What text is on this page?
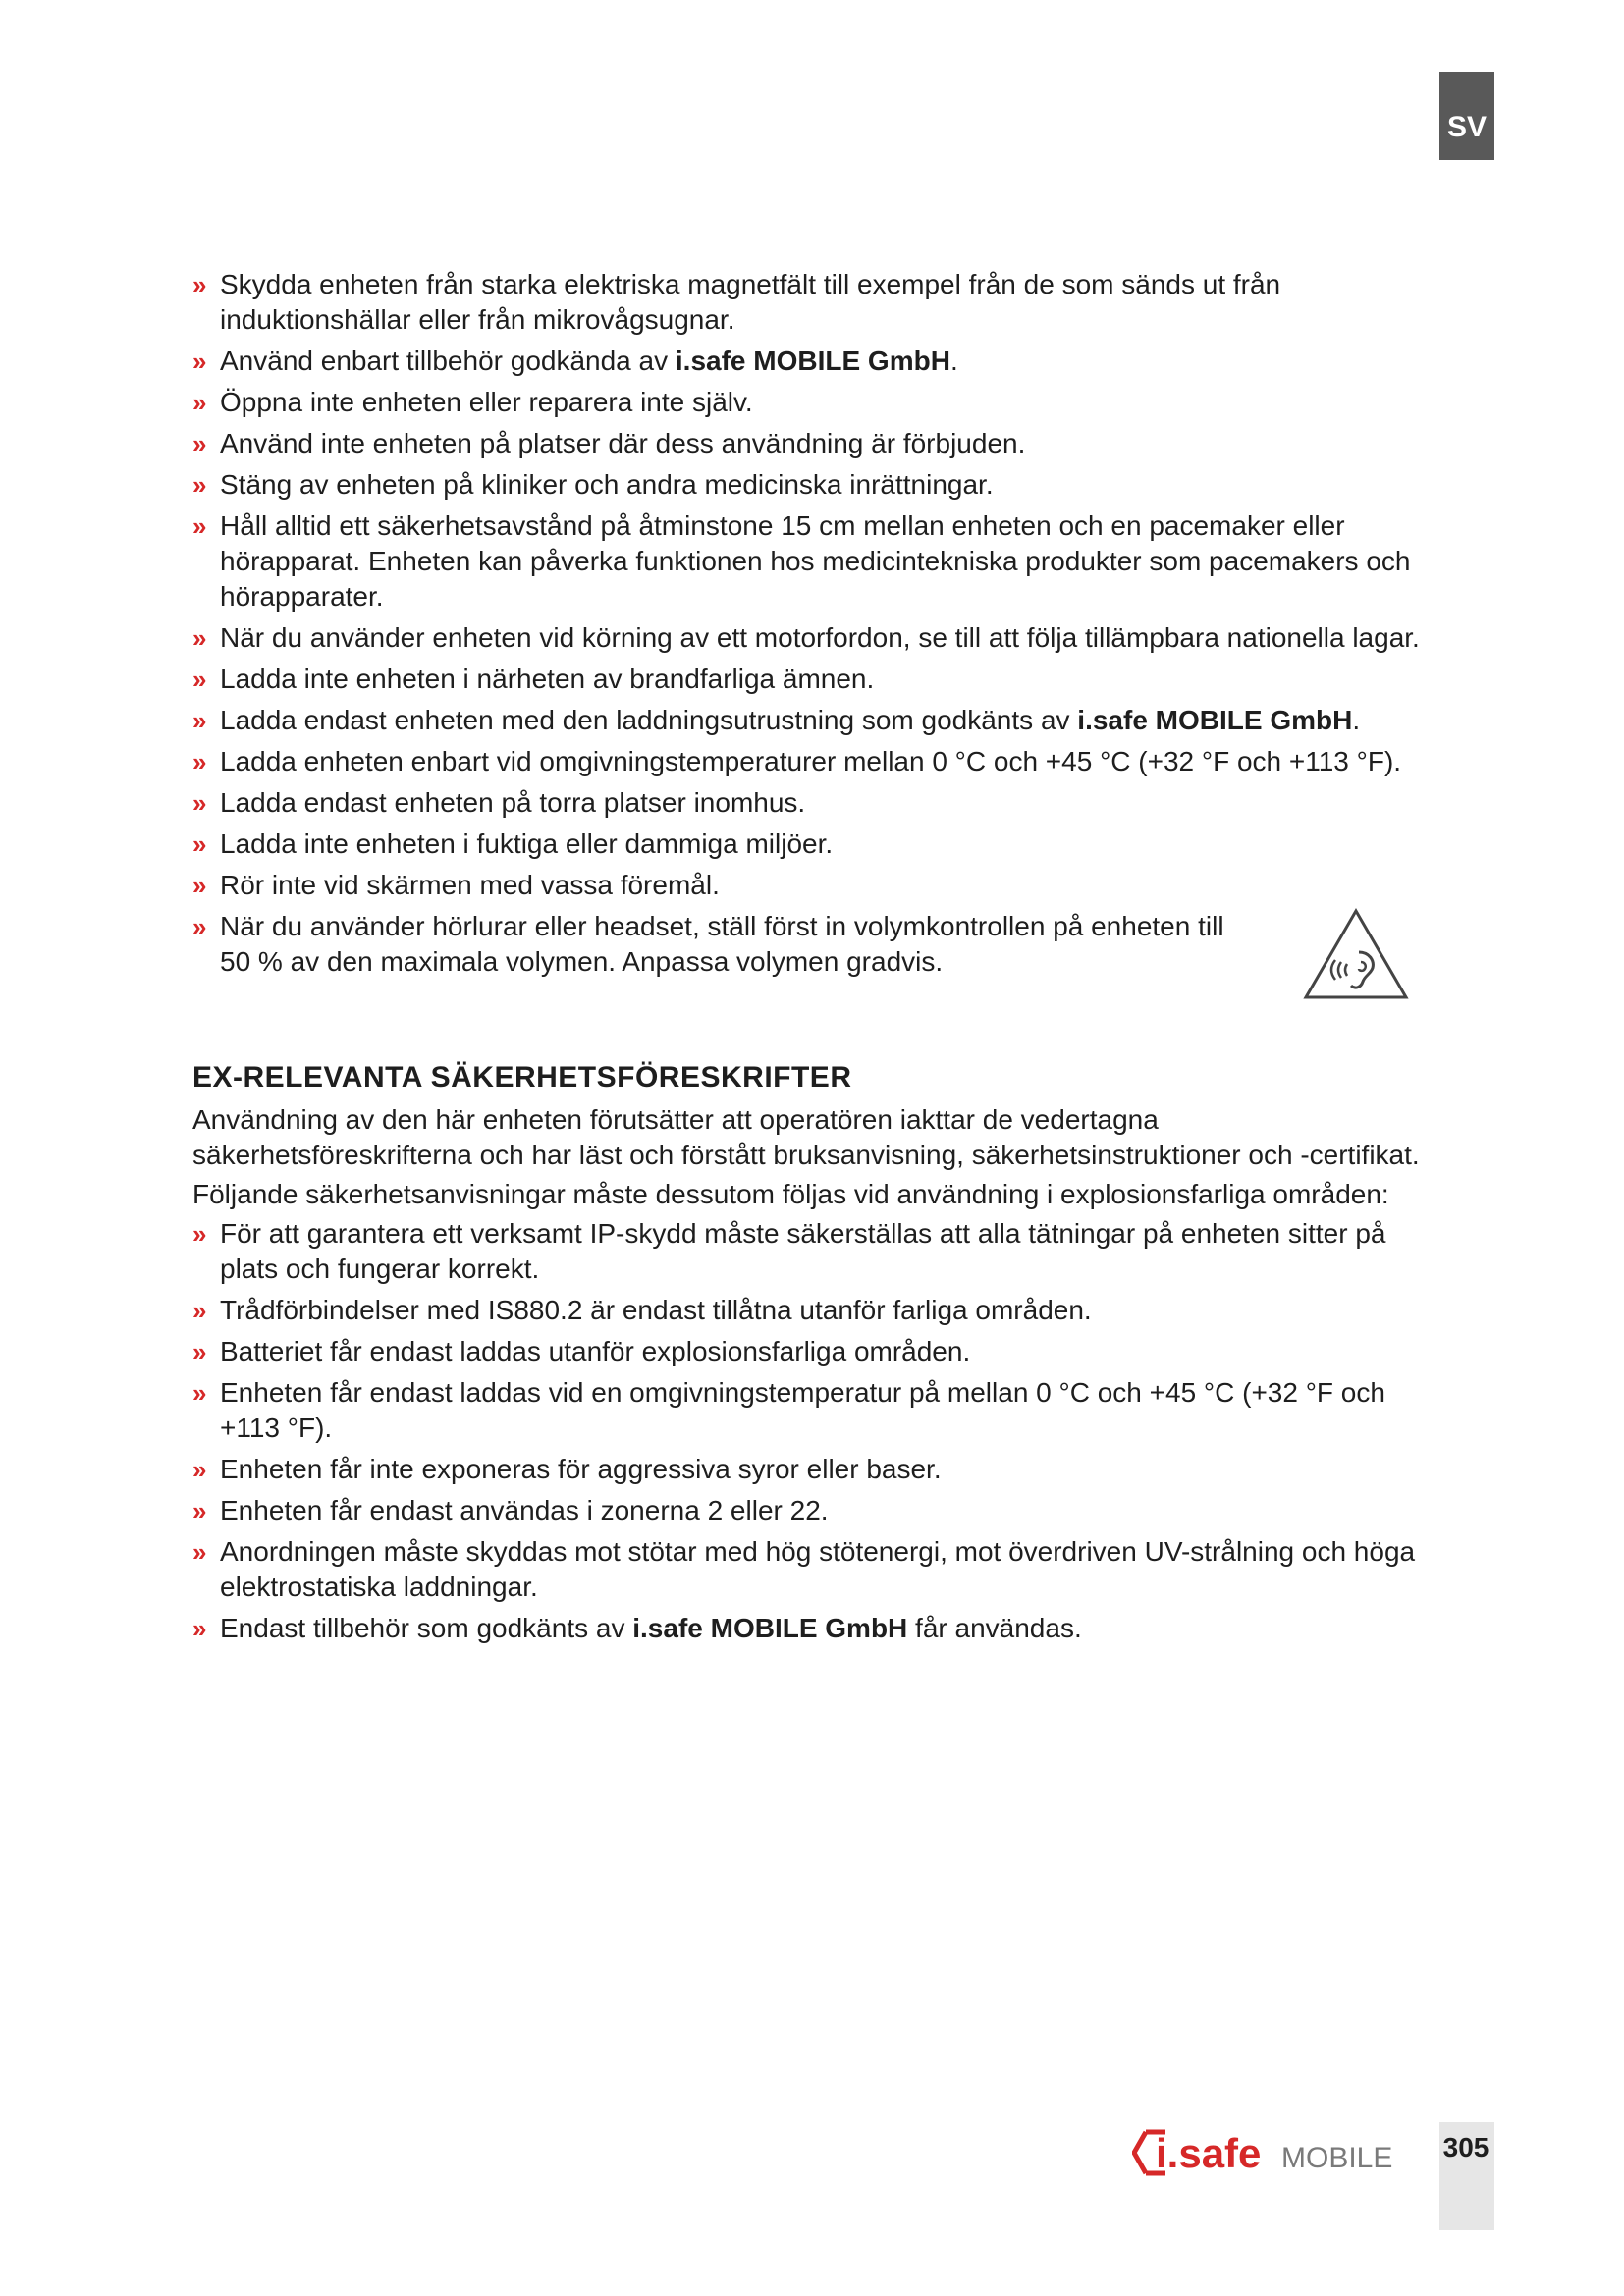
SV
» Skydda enheten från starka elektriska magnetfält till exempel från de som sänds ut från induktionshällar eller från mikrovågsugnar.
» Använd enbart tillbehör godkända av i.safe MOBILE GmbH.
» Öppna inte enheten eller reparera inte själv.
» Använd inte enheten på platser där dess användning är förbjuden.
» Stäng av enheten på kliniker och andra medicinska inrättningar.
» Håll alltid ett säkerhetsavstånd på åtminstone 15 cm mellan enheten och en pacemaker eller hörapparat. Enheten kan påverka funktionen hos medicintekniska produkter som pacemakers och hörapparater.
» När du använder enheten vid körning av ett motorfordon, se till att följa tillämpbara nationella lagar.
» Ladda inte enheten i närheten av brandfarliga ämnen.
» Ladda endast enheten med den laddningsutrustning som godkänts av i.safe MOBILE GmbH.
» Ladda enheten enbart vid omgivningstemperaturer mellan 0 °C och +45 °C (+32 °F och +113 °F).
» Ladda endast enheten på torra platser inomhus.
» Ladda inte enheten i fuktiga eller dammiga miljöer.
» Rör inte vid skärmen med vassa föremål.
» När du använder hörlurar eller headset, ställ först in volymkontrollen på enheten till 50 % av den maximala volymen. Anpassa volymen gradvis.
EX-RELEVANTA SÄKERHETSFÖRESKRIFTER

Användning av den här enheten förutsätter att operatören iakttar de vedertagna säkerhetsföreskrifterna och har läst och förstått bruksanvisning, säkerhetsinstruktioner och -certifikat.

Följande säkerhetsanvisningar måste dessutom följas vid användning i explosionsfarliga områden:

» För att garantera ett verksamt IP-skydd måste säkerställas att alla tätningar på enheten sitter på plats och fungerar korrekt.
» Trådförbindelser med IS880.2 är endast tillåtna utanför farliga områden.
» Batteriet får endast laddas utanför explosionsfarliga områden.
» Enheten får endast laddas vid en omgivningstemperatur på mellan 0 °C och +45 °C (+32 °F och +113 °F).
» Enheten får inte exponeras för aggressiva syror eller baser.
» Enheten får endast användas i zonerna 2 eller 22.
» Anordningen måste skyddas mot stötar med hög stötenergi, mot överdriven UV-strålning och höga elektrostatiska laddningar.
» Endast tillbehör som godkänts av i.safe MOBILE GmbH får användas.
i.safe MOBILE	305
